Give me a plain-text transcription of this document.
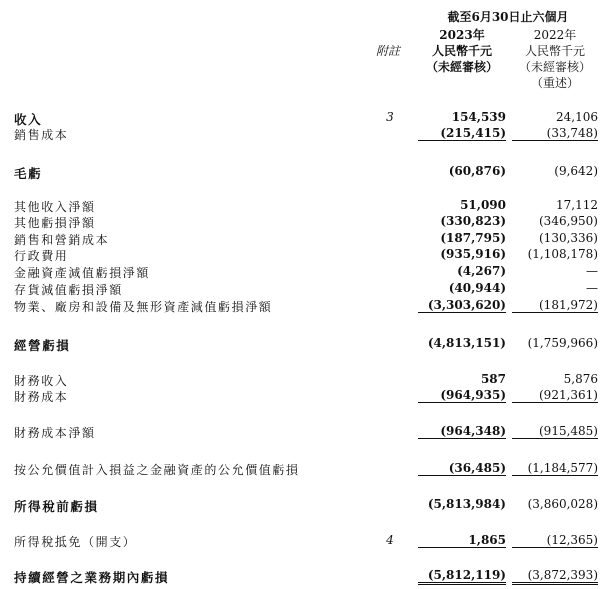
截至6月30日止六個月
2023年	2022年
附註	人民幣千元	人民幣千元
（未經審核）	（未經審核）
（重述）
收入	3	154,539	24,106
銷售成本	(215,415)	(33,748)
毛虧	(60,876)	(9,642)
其他收入淨額	51,090	17,112
其他虧損淨額	(330,823)	(346,950)
銷售和營銷成本	(187,795)	(130,336)
行政費用	(935,916)	(1,108,178)
金融資產減值虧損淨額	(4,267)	—
存貨減值虧損淨額	(40,944)	—
物業、廠房和設備及無形資產減值虧損淨額	(3,303,620)	(181,972)
經營虧損	(4,813,151)	(1,759,966)
財務收入	587	5,876
財務成本	(964,935)	(921,361)
財務成本淨額	(964,348)	(915,485)
按公允價值計入損益之金融資產的公允價值虧損	(36,485)	(1,184,577)
所得稅前虧損	(5,813,984)	(3,860,028)
所得稅抵免（開支）	4	1,865	(12,365)
持續經營之業務期內虧損	(5,812,119)	(3,872,393)
